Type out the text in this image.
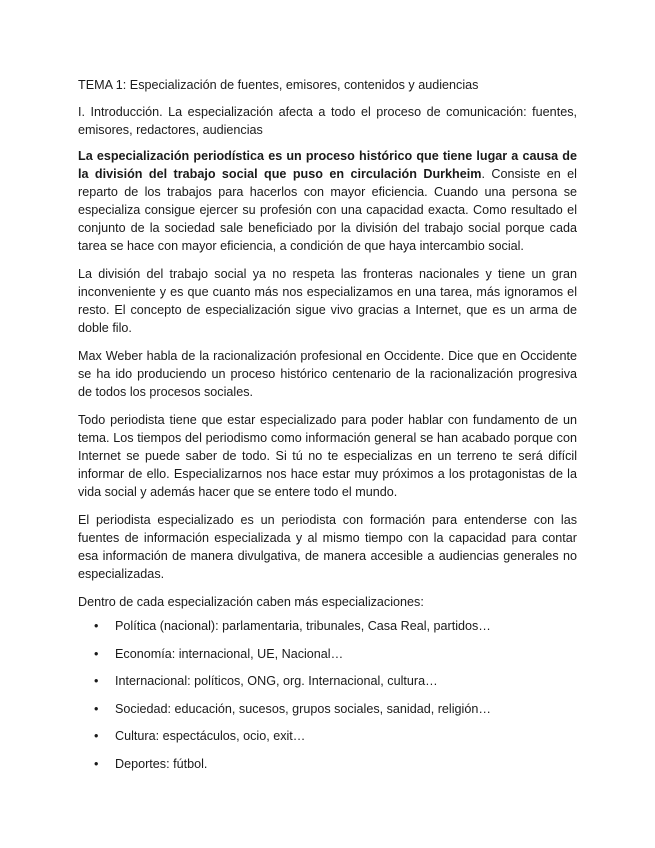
TEMA 1: Especialización de fuentes, emisores, contenidos y audiencias

I. Introducción. La especialización afecta a todo el proceso de comunicación: fuentes, emisores, redactores, audiencias

La especialización periodística es un proceso histórico que tiene lugar a causa de la división del trabajo social que puso en circulación Durkheim. Consiste en el reparto de los trabajos para hacerlos con mayor eficiencia. Cuando una persona se especializa consigue ejercer su profesión con una capacidad exacta. Como resultado el conjunto de la sociedad sale beneficiado por la división del trabajo social porque cada tarea se hace con mayor eficiencia, a condición de que haya intercambio social.

La división del trabajo social ya no respeta las fronteras nacionales y tiene un gran inconveniente y es que cuanto más nos especializamos en una tarea, más ignoramos el resto. El concepto de especialización sigue vivo gracias a Internet, que es un arma de doble filo.

Max Weber habla de la racionalización profesional en Occidente. Dice que en Occidente se ha ido produciendo un proceso histórico centenario de la racionalización progresiva de todos los procesos sociales.

Todo periodista tiene que estar especializado para poder hablar con fundamento de un tema. Los tiempos del periodismo como información general se han acabado porque con Internet se puede saber de todo. Si tú no te especializas en un terreno te será difícil informar de ello. Especializarnos nos hace estar muy próximos a los protagonistas de la vida social y además hacer que se entere todo el mundo.

El periodista especializado es un periodista con formación para entenderse con las fuentes de información especializada y al mismo tiempo con la capacidad para contar esa información de manera divulgativa, de manera accesible a audiencias generales no especializadas.

Dentro de cada especialización caben más especializaciones:

• Política (nacional): parlamentaria, tribunales, Casa Real, partidos…
• Economía: internacional, UE, Nacional…
• Internacional: políticos, ONG, org. Internacional, cultura…
• Sociedad: educación, sucesos, grupos sociales, sanidad, religión…
• Cultura: espectáculos, ocio, exit…
• Deportes: fútbol.
